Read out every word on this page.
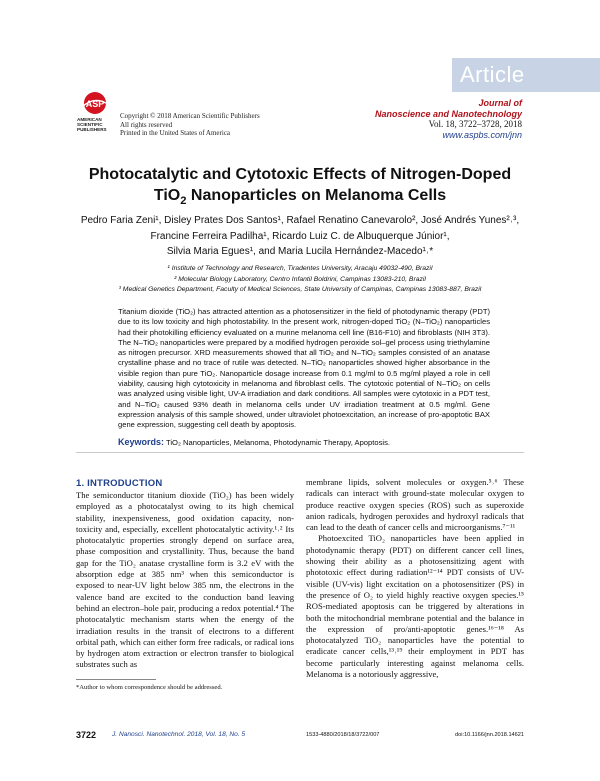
Article
ASP
AMERICAN SCIENTIFIC PUBLISHERS
Copyright © 2018 American Scientific Publishers
All rights reserved
Printed in the United States of America
Journal of
Nanoscience and Nanotechnology
Vol. 18, 3722–3728, 2018
www.aspbs.com/jnn
Photocatalytic and Cytotoxic Effects of Nitrogen-Doped
TiO$_2$ Nanoparticles on Melanoma Cells
Pedro Faria Zeni¹, Disley Prates Dos Santos¹, Rafael Renatino Canevarolo², José Andrés Yunes²˒³,
Francine Ferreira Padilha¹, Ricardo Luiz C. de Albuquerque Júnior¹,
Silvia Maria Egues¹, and Maria Lucila Hernández-Macedo¹˒*
¹ Institute of Technology and Research, Tiradentes University, Aracaju 49032-490, Brazil
² Molecular Biology Laboratory, Centro Infantil Boldrini, Campinas 13083-210, Brazil
³ Medical Genetics Department, Faculty of Medical Sciences, State University of Campinas, Campinas 13083-887, Brazil
Titanium dioxide (TiO₂) has attracted attention as a photosensitizer in the field of photodynamic therapy (PDT) due to its low toxicity and high photostability. In the present work, nitrogen-doped TiO₂ (N–TiO₂) nanoparticles had their photokilling efficiency evaluated on a murine melanoma cell line (B16-F10) and fibroblasts (NIH 3T3). The N–TiO₂ nanoparticles were prepared by a modified hydrogen peroxide sol–gel process using triethylamine as nitrogen precursor. XRD measurements showed that all TiO₂ and N–TiO₂ samples consisted of an anatase crystalline phase and no trace of rutile was detected. N–TiO₂ nanoparticles showed higher absorbance in the visible region than pure TiO₂. Nanoparticle dosage increase from 0.1 mg/ml to 0.5 mg/ml played a role in cell viability, causing high cytotoxicity in melanoma and fibroblast cells. The cytotoxic potential of N–TiO₂ on cells was analyzed using visible light, UV-A irradiation and dark conditions. All samples were cytotoxic in a PDT test, and N–TiO₂ caused 93% death in melanoma cells under UV irradiation treatment at 0.5 mg/ml. Gene expression analysis of this sample showed, under ultraviolet photoexcitation, an increase of pro-apoptotic BAX gene expression, suggesting cell death by apoptosis.
Keywords: TiO₂ Nanoparticles, Melanoma, Photodynamic Therapy, Apoptosis.
1. INTRODUCTION

The semiconductor titanium dioxide (TiO₂) has been widely employed as a photocatalyst owing to its high chemical stability, inexpensiveness, good oxidation capacity, non-toxicity and, especially, excellent photocatalytic activity.¹˒² Its photocatalytic properties strongly depend on surface area, phase composition and crystallinity. Thus, because the band gap for the TiO₂ anatase crystalline form is 3.2 eV with the absorption edge at 385 nm³ when this semiconductor is exposed to near-UV light below 385 nm, the electrons in the valence band are excited to the conduction band leaving behind an electron–hole pair, producing a redox potential.⁴ The photocatalytic mechanism starts when the energy of the irradiation results in the transit of electrons to a different orbital path, which can either form free radicals, or radical ions by hydrogen atom extraction or electron transfer to biological substrates such as

membrane lipids, solvent molecules or oxygen.⁵˒⁶ These radicals can interact with ground-state molecular oxygen to produce reactive oxygen species (ROS) such as superoxide anion radicals, hydrogen peroxides and hydroxyl radicals that can lead to the death of cancer cells and microorganisms.⁷⁻¹¹

Photoexcited TiO₂ nanoparticles have been applied in photodynamic therapy (PDT) on different cancer cell lines, showing their ability as a photosensitizing agent with phototoxic effect during radiation¹²⁻¹⁴ PDT consists of UV-visible (UV-vis) light excitation on a photosensitizer (PS) in the presence of O₂ to yield highly reactive oxygen species.¹⁵ ROS-mediated apoptosis can be triggered by alterations in both the mitochondrial membrane potential and the balance in the expression of pro/anti-apoptotic genes.¹⁶⁻¹⁸ As photocatalyzed TiO₂ nanoparticles have the potential to eradicate cancer cells,¹³˒¹⁹ their employment in PDT has become particularly interesting against melanoma cells. Melanoma is a notoriously aggressive,

*Author to whom correspondence should be addressed.
3722 J. Nanosci. Nanotechnol. 2018, Vol. 18, No. 5	1533-4880/2018/18/3722/007	doi:10.1166/jnn.2018.14621
